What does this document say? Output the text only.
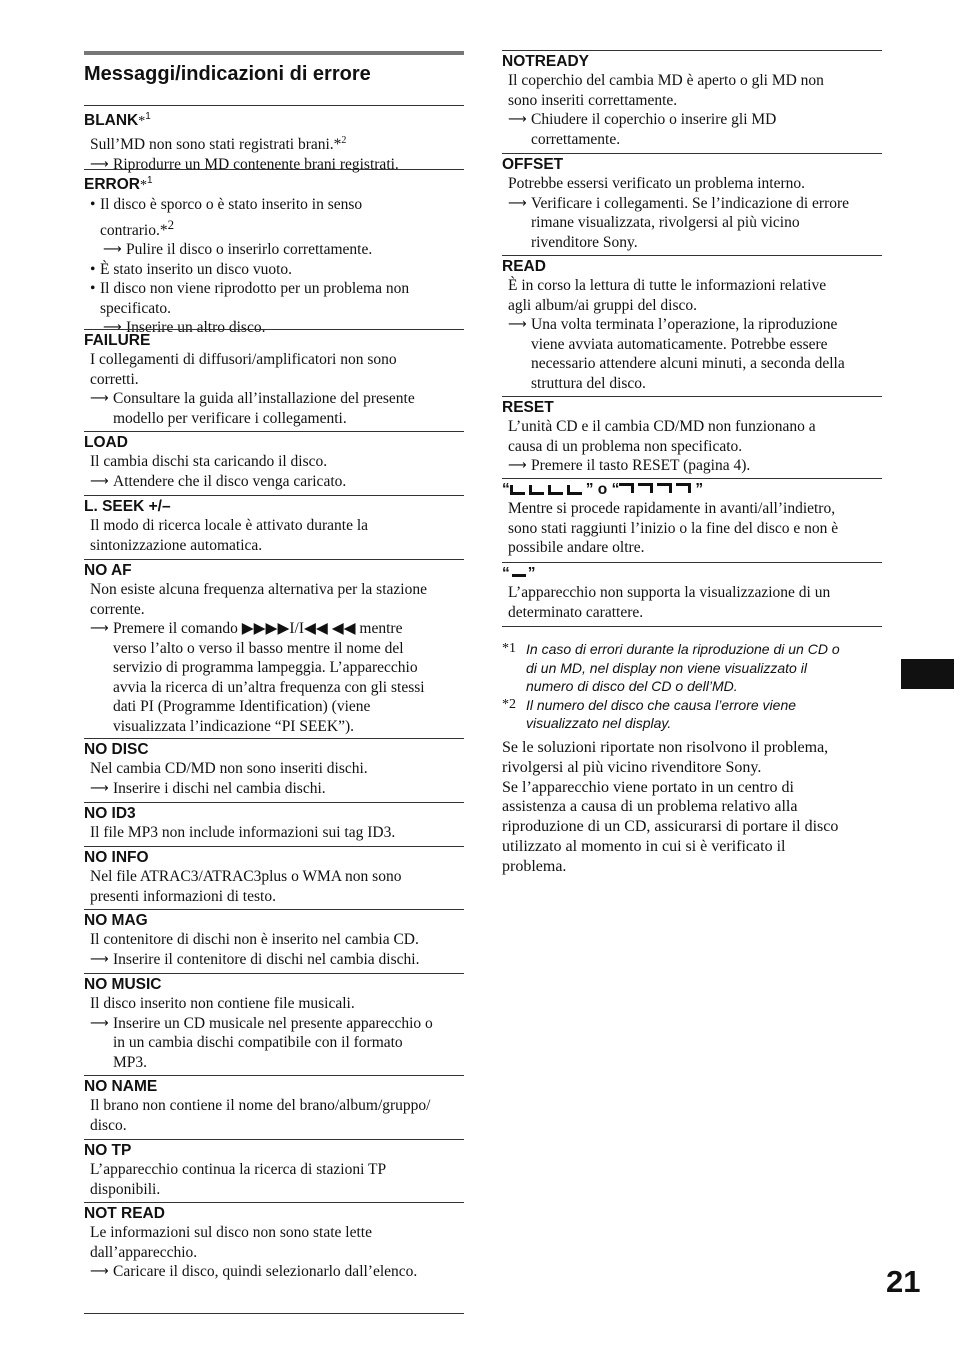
Messaggi/indicazioni di errore
BLANK*$^1$
Sull’MD non sono stati registrati brani.*$^2$
⟶ Riprodurre un MD contenente brani registrati.
ERROR*$^1$
• Il disco è sporco o è stato inserito in senso
contrario.*$^2$
⟶ Pulire il disco o inserirlo correttamente.
• È stato inserito un disco vuoto.
• Il disco non viene riprodotto per un problema non
specificato.
⟶ Inserire un altro disco.
FAILURE
I collegamenti di diffusori/amplificatori non sono
corretti.
⟶ Consultare la guida all’installazione del presente
modello per verificare i collegamenti.
LOAD
Il cambia dischi sta caricando il disco.
⟶ Attendere che il disco venga caricato.
L. SEEK +/–
Il modo di ricerca locale è attivato durante la
sintonizzazione automatica.
NO AF
Non esiste alcuna frequenza alternativa per la stazione
corrente.
⟶ Premere il comando ▶▶▶▶I/I◀◀ ◀◀ mentre
verso l’alto o verso il basso mentre il nome del
servizio di programma lampeggia. L’apparecchio
avvia la ricerca di un’altra frequenza con gli stessi
dati PI (Programme Identification) (viene
visualizzata l’indicazione “PI SEEK”).
NO DISC
Nel cambia CD/MD non sono inseriti dischi.
⟶ Inserire i dischi nel cambia dischi.
NO ID3
Il file MP3 non include informazioni sui tag ID3.
NO INFO
Nel file ATRAC3/ATRAC3plus o WMA non sono
presenti informazioni di testo.
NO MAG
Il contenitore di dischi non è inserito nel cambia CD.
⟶ Inserire il contenitore di dischi nel cambia dischi.
NO MUSIC
Il disco inserito non contiene file musicali.
⟶ Inserire un CD musicale nel presente apparecchio o
in un cambia dischi compatibile con il formato
MP3.
NO NAME
Il brano non contiene il nome del brano/album/gruppo/
disco.
NO TP
L’apparecchio continua la ricerca di stazioni TP
disponibili.
NOT READ
Le informazioni sul disco non sono state lette
dall’apparecchio.
⟶ Caricare il disco, quindi selezionarlo dall’elenco.
NOTREADY
Il coperchio del cambia MD è aperto o gli MD non
sono inseriti correttamente.
⟶ Chiudere il coperchio o inserire gli MD
correttamente.
OFFSET
Potrebbe essersi verificato un problema interno.
⟶ Verificare i collegamenti. Se l’indicazione di errore
rimane visualizzata, rivolgersi al più vicino
rivenditore Sony.
READ
È in corso la lettura di tutte le informazioni relative
agli album/ai gruppi del disco.
⟶ Una volta terminata l’operazione, la riproduzione
viene avviata automaticamente. Potrebbe essere
necessario attendere alcuni minuti, a seconda della
struttura del disco.
RESET
L’unità CD e il cambia CD/MD non funzionano a
causa di un problema non specificato.
⟶ Premere il tasto RESET (pagina 4).
“	” o “	”
Mentre si procede rapidamente in avanti/all’indietro,
sono stati raggiunti l’inizio o la fine del disco e non è
possibile andare oltre.
“ ”
L’apparecchio non supporta la visualizzazione di un
determinato carattere.
*1 In caso di errori durante la riproduzione di un CD o
di un MD, nel display non viene visualizzato il
numero di disco del CD o dell’MD.
*2 Il numero del disco che causa l’errore viene
visualizzato nel display.
Se le soluzioni riportate non risolvono il problema,
rivolgersi al più vicino rivenditore Sony.
Se l’apparecchio viene portato in un centro di
assistenza a causa di un problema relativo alla
riproduzione di un CD, assicurarsi di portare il disco
utilizzato al momento in cui si è verificato il
problema.
21
